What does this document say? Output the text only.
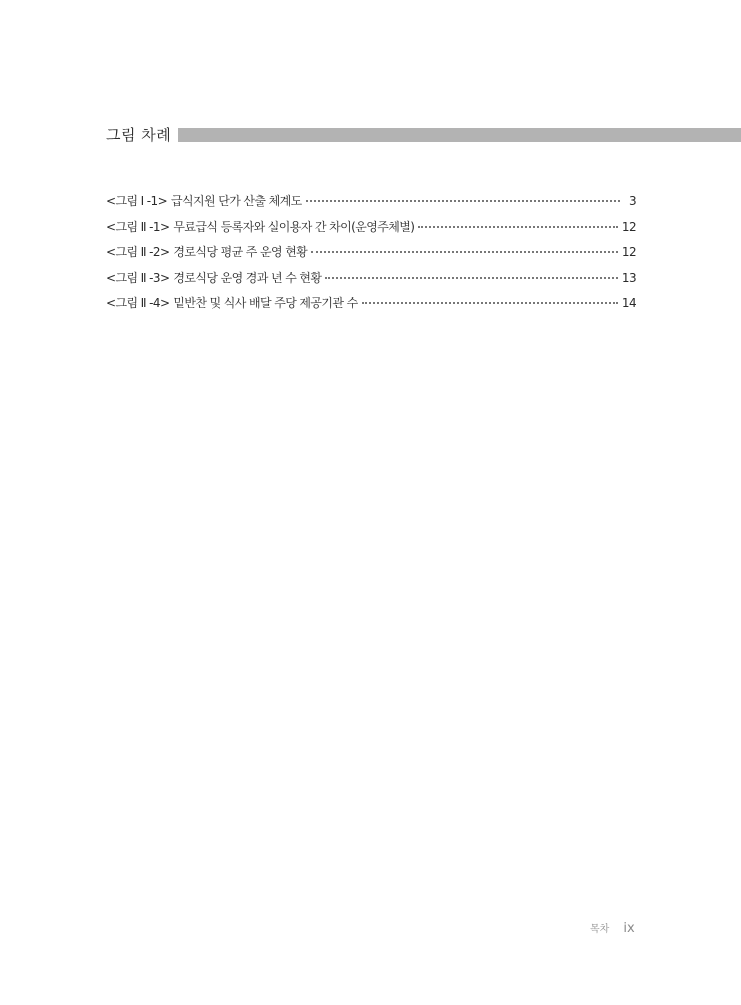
그림 차례
<그림 Ⅰ -1> 급식지원 단가 산출 체계도	3
<그림 Ⅱ -1> 무료급식 등록자와 실이용자 간 차이(운영주체별)	12
<그림 Ⅱ -2> 경로식당 평균 주 운영 현황	12
<그림 Ⅱ -3> 경로식당 운영 경과 년 수 현황	13
<그림 Ⅱ -4> 밑반찬 및 식사 배달 주당 제공기관 수	14
목차 ix
